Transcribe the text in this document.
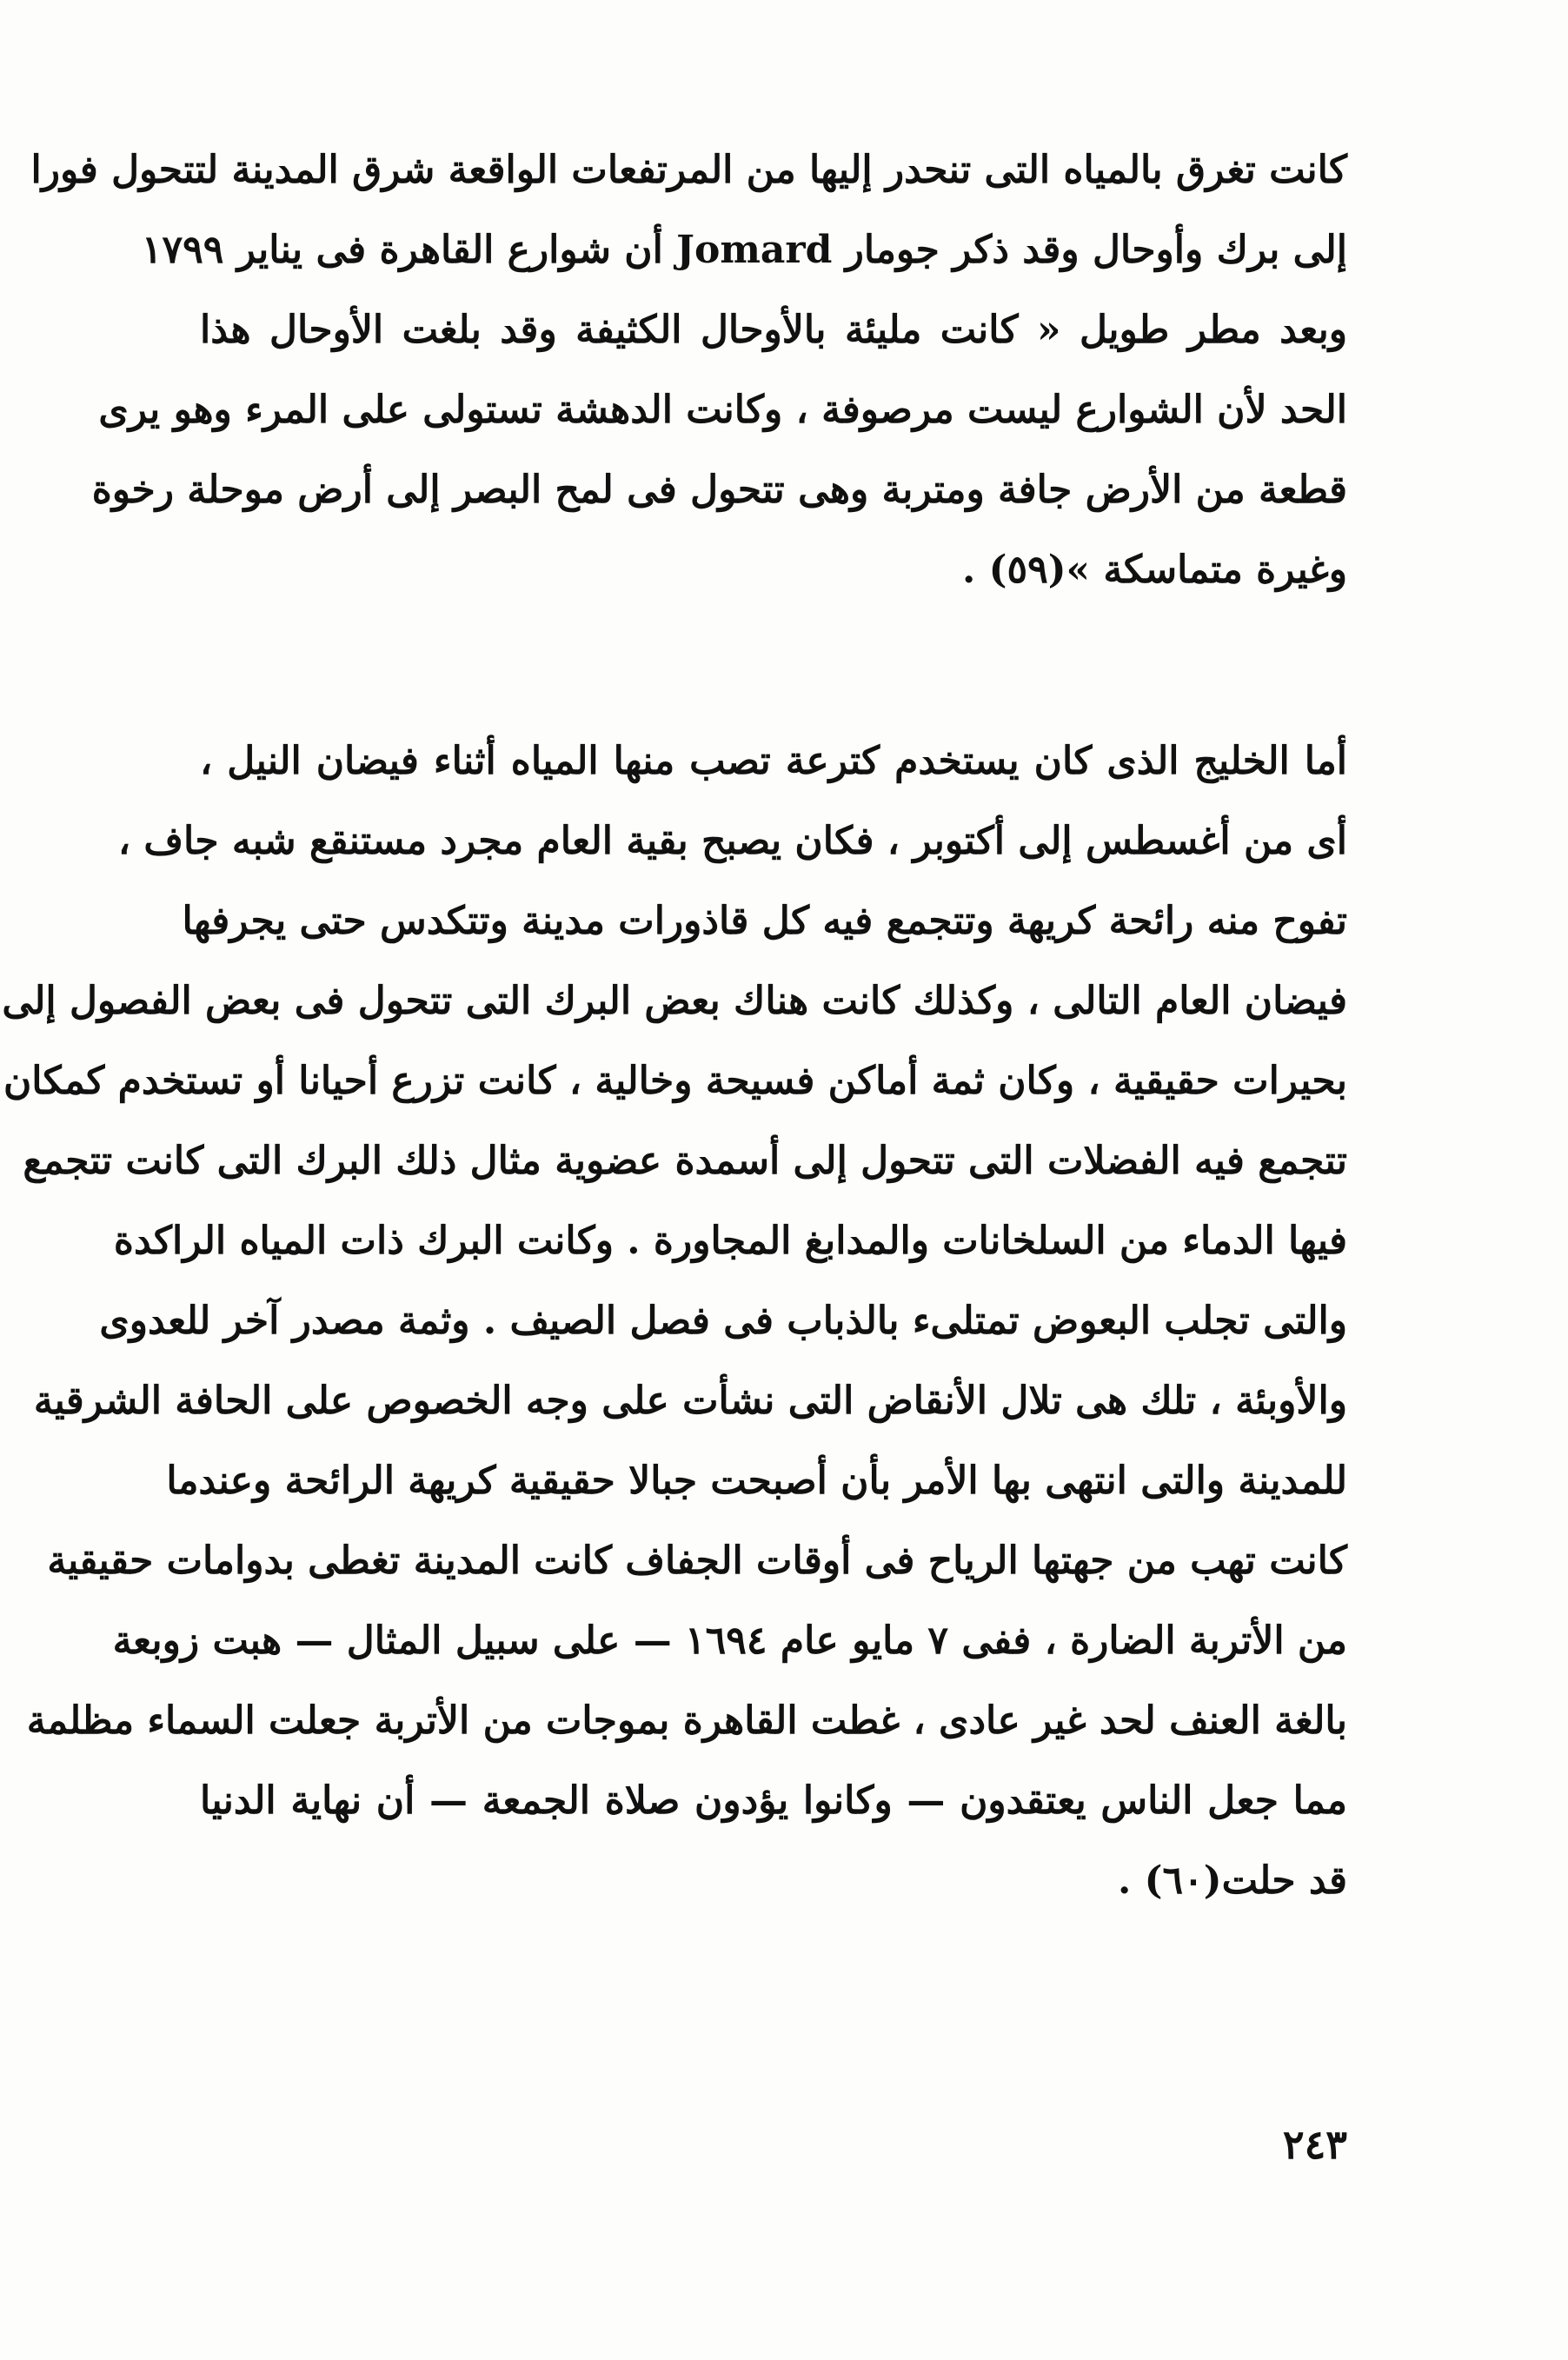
كانت تغرق بالمياه التى تنحدر إليها من المرتفعات الواقعة شرق المدينة لتتحول فورا
إلى برك وأوحال وقد ذكر جومار Jomard أن شوارع القاهرة فى يناير ١٧٩٩
وبعد مطر طويل « كانت مليئة بالأوحال الكثيفة وقد بلغت الأوحال هذا
الحد لأن الشوارع ليست مرصوفة ، وكانت الدهشة تستولى على المرء وهو يرى
قطعة من الأرض جافة ومتربة وهى تتحول فى لمح البصر إلى أرض موحلة رخوة
وغيرة متماسكة »(٥٩) .
أما الخليج الذى كان يستخدم كترعة تصب منها المياه أثناء فيضان النيل ،
أى من أغسطس إلى أكتوبر ، فكان يصبح بقية العام مجرد مستنقع شبه جاف ،
تفوح منه رائحة كريهة وتتجمع فيه كل قاذورات مدينة وتتكدس حتى يجرفها
فيضان العام التالى ، وكذلك كانت هناك بعض البرك التى تتحول فى بعض الفصول إلى
بحيرات حقيقية ، وكان ثمة أماكن فسيحة وخالية ، كانت تزرع أحيانا أو تستخدم كمكان
تتجمع فيه الفضلات التى تتحول إلى أسمدة عضوية مثال ذلك البرك التى كانت تتجمع
فيها الدماء من السلخانات والمدابغ المجاورة . وكانت البرك ذات المياه الراكدة
والتى تجلب البعوض تمتلىء بالذباب فى فصل الصيف . وثمة مصدر آخر للعدوى
والأوبئة ، تلك هى تلال الأنقاض التى نشأت على وجه الخصوص على الحافة الشرقية
للمدينة والتى انتهى بها الأمر بأن أصبحت جبالا حقيقية كريهة الرائحة وعندما
كانت تهب من جهتها الرياح فى أوقات الجفاف كانت المدينة تغطى بدوامات حقيقية
من الأتربة الضارة ، ففى ٧ مايو عام ١٦٩٤ — على سبيل المثال — هبت زوبعة
بالغة العنف لحد غير عادى ، غطت القاهرة بموجات من الأتربة جعلت السماء مظلمة
مما جعل الناس يعتقدون — وكانوا يؤدون صلاة الجمعة — أن نهاية الدنيا
قد حلت(٦٠) .
٢٤٣
